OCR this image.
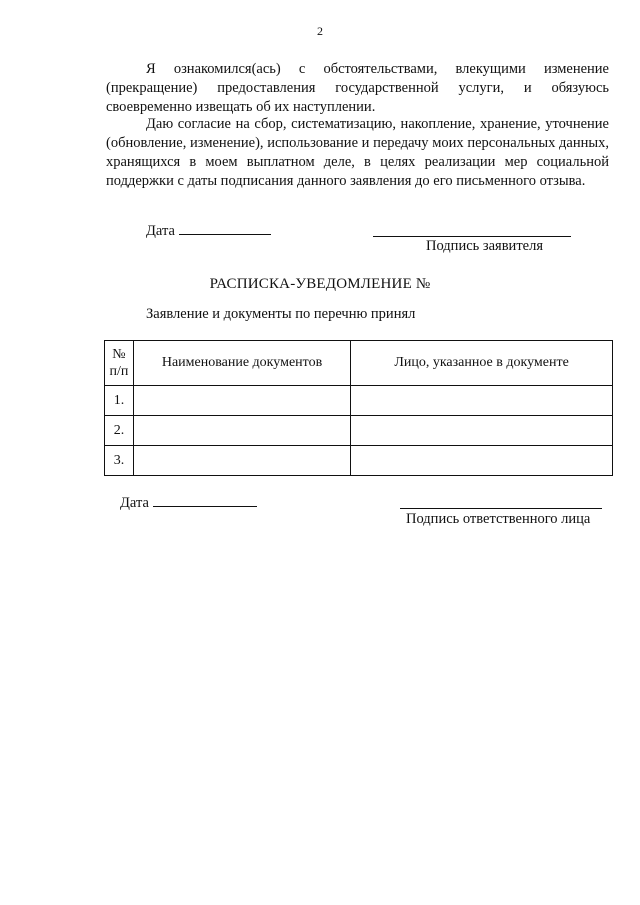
2

Я ознакомился(ась) с обстоятельствами, влекущими изменение (прекращение) предоставления государственной услуги, и обязуюсь своевременно извещать об их наступлении.

Даю согласие на сбор, систематизацию, накопление, хранение, уточнение (обновление, изменение), использование и передачу моих персональных данных, хранящихся в моем выплатном деле, в целях реализации мер социальной поддержки с даты подписания данного заявления до его письменного отзыва.

Дата
Подпись заявителя
РАСПИСКА-УВЕДОМЛЕНИЕ №
Заявление и документы по перечню принял
№ п/п	Наименование документов	Лицо, указанное в документе
1.		
2.		
3.		
Дата
Подпись ответственного лица
